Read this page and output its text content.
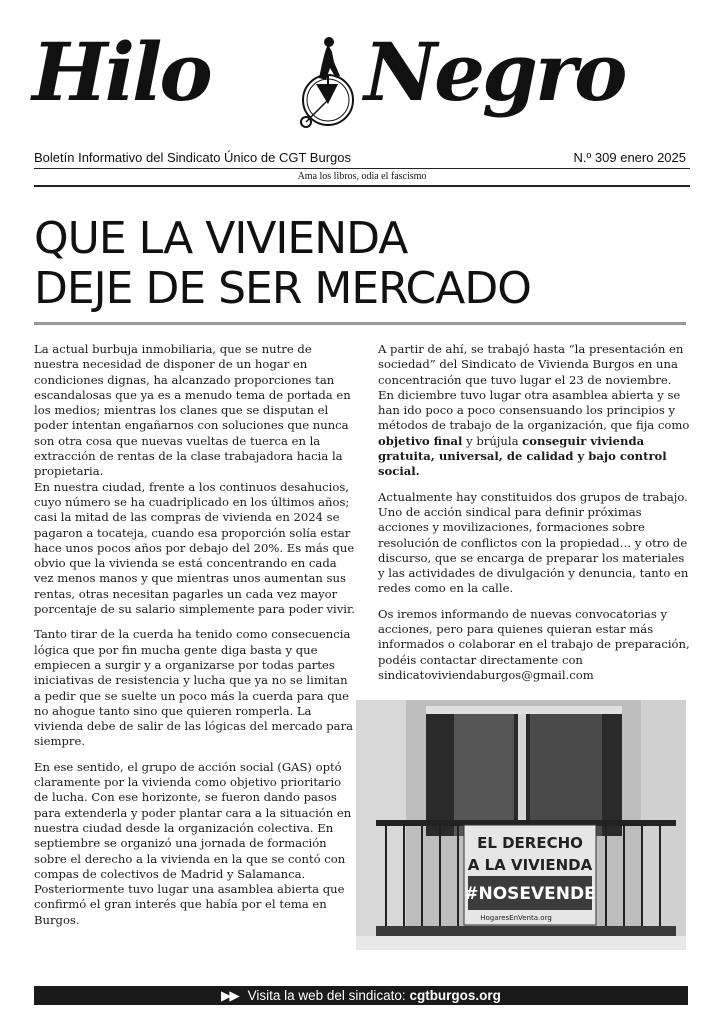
Hilo Negro
Boletín Informativo del Sindicato Único de CGT Burgos	N.º 309 enero 2025
Ama los libros, odia el fascismo
QUE LA VIVIENDA
DEJE DE SER MERCADO

La actual burbuja inmobiliaria, que se nutre de nuestra necesidad de disponer de un hogar en condiciones dignas, ha alcanzado proporciones tan escandalosas que ya es a menudo tema de portada en los medios; mientras los clanes que se disputan el poder intentan engañarnos con soluciones que nunca son otra cosa que nuevas vueltas de tuerca en la extracción de rentas de la clase trabajadora hacia la propietaria.
En nuestra ciudad, frente a los continuos desahucios, cuyo número se ha cuadriplicado en los últimos años; casi la mitad de las compras de vivienda en 2024 se pagaron a tocateja, cuando esa proporción solía estar hace unos pocos años por debajo del 20%. Es más que obvio que la vivienda se está concentrando en cada vez menos manos y que mientras unos aumentan sus rentas, otras necesitan pagarles un cada vez mayor porcentaje de su salario simplemente para poder vivir.

Tanto tirar de la cuerda ha tenido como consecuencia lógica que por fin mucha gente diga basta y que empiecen a surgir y a organizarse por todas partes iniciativas de resistencia y lucha que ya no se limitan a pedir que se suelte un poco más la cuerda para que no ahogue tanto sino que quieren romperla. La vivienda debe de salir de las lógicas del mercado para siempre.

En ese sentido, el grupo de acción social (GAS) optó claramente por la vivienda como objetivo prioritario de lucha. Con ese horizonte, se fueron dando pasos para extenderla y poder plantar cara a la situación en nuestra ciudad desde la organización colectiva. En septiembre se organizó una jornada de formación sobre el derecho a la vivienda en la que se contó con compas de colectivos de Madrid y Salamanca. Posteriormente tuvo lugar una asamblea abierta que confirmó el gran interés que había por el tema en Burgos.

A partir de ahí, se trabajó hasta “la presentación en sociedad” del Sindicato de Vivienda Burgos en una concentración que tuvo lugar el 23 de noviembre. En diciembre tuvo lugar otra asamblea abierta y se han ido poco a poco consensuando los principios y métodos de trabajo de la organización, que fija como objetivo final y brújula conseguir vivienda gratuita, universal, de calidad y bajo control social.

Actualmente hay constituidos dos grupos de trabajo. Uno de acción sindical para definir próximas acciones y movilizaciones, formaciones sobre resolución de conflictos con la propiedad… y otro de discurso, que se encarga de preparar los materiales y las actividades de divulgación y denuncia, tanto en redes como en la calle.

Os iremos informando de nuevas convocatorias y acciones, pero para quienes quieran estar más informados o colaborar en el trabajo de preparación, podéis contactar directamente con sindicatoviviendaburgos@gmail.com

EL DERECHO
A LA VIVIENDA
#NOSEVENDE
HogaresEnVenta.org
▶▶ Visita la web del sindicato: cgtburgos.org
